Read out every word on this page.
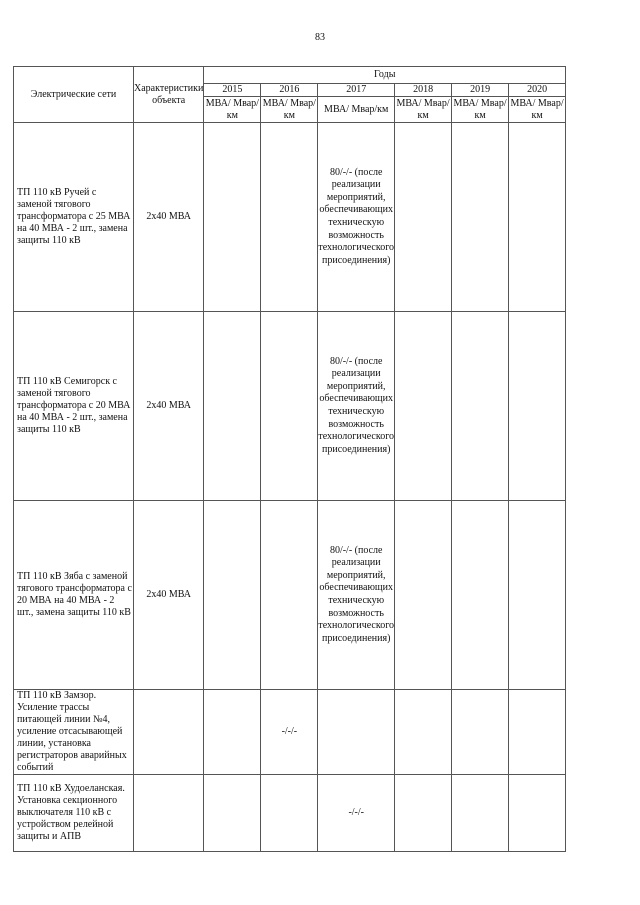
83
Электрические сети	Характеристики объекта	Годы					
		2015	2016	2017	2018	2019	2020
		МВА/ Мвар/км	МВА/ Мвар/км	МВА/ Мвар/км	МВА/ Мвар/км	МВА/ Мвар/км	МВА/ Мвар/км
ТП 110 кВ Ручей с заменой тягового трансформатора с 25 МВА на 40 МВА - 2 шт., замена защиты 110 кВ	2x40 МВА			80/-/- (после реализации мероприятий, обеспечивающих техническую возможность технологического присоединения)			
ТП 110 кВ Семигорск с заменой тягового трансформатора с 20 МВА на 40 МВА - 2 шт., замена защиты 110 кВ	2x40 МВА			80/-/- (после реализации мероприятий, обеспечивающих техническую возможность технологического присоединения)			
ТП 110 кВ Зяба с заменой тягового трансформатора с 20 МВА на 40 МВА - 2 шт., замена защиты 110 кВ	2x40 МВА			80/-/- (после реализации мероприятий, обеспечивающих техническую возможность технологического присоединения)			
ТП 110 кВ Замзор. Усиление трассы питающей линии №4, усиление отсасывающей линии, установка регистраторов аварийных событий			-/-/-				
ТП 110 кВ Худоеланская. Установка секционного выключателя 110 кВ с устройством релейной защиты и АПВ				-/-/-			
